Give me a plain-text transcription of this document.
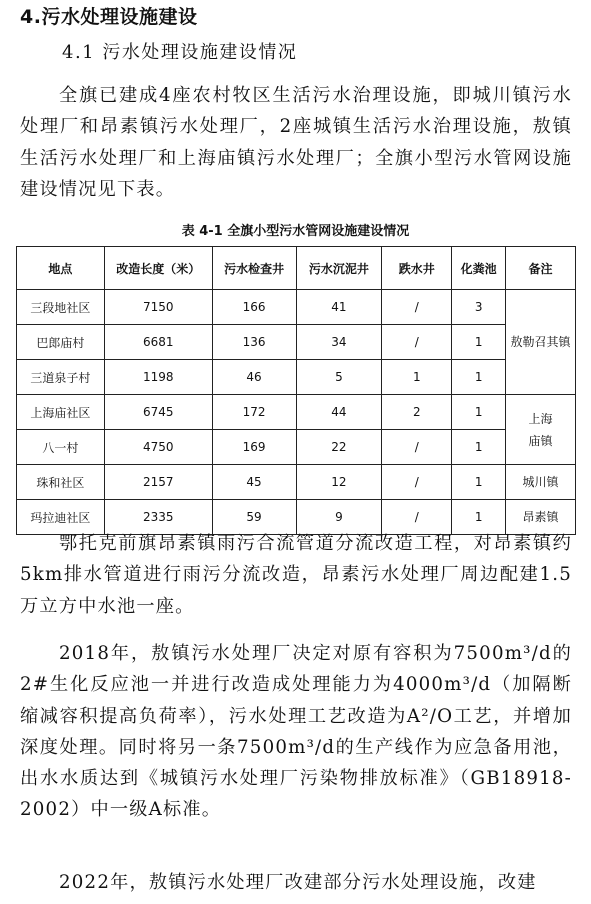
4.污水处理设施建设
4.1 污水处理设施建设情况

全旗已建成4座农村牧区生活污水治理设施，即城川镇污水处理厂和昂素镇污水处理厂，2座城镇生活污水治理设施，敖镇生活污水处理厂和上海庙镇污水处理厂；全旗小型污水管网设施建设情况见下表。

表 4-1 全旗小型污水管网设施建设情况
地点	改造长度（米）	污水检查井	污水沉泥井	跌水井	化粪池	备注
三段地社区	7150	166	41	/	3	敖勒召其镇
巴郎庙村	6681	136	34	/	1	
三道泉子村	1198	46	5	1	1	
上海庙社区	6745	172	44	2	1	上海
庙镇
八一村	4750	169	22	/	1	
珠和社区	2157	45	12	/	1	城川镇
玛拉迪社区	2335	59	9	/	1	昂素镇

鄂托克前旗昂素镇雨污合流管道分流改造工程，对昂素镇约5km排水管道进行雨污分流改造，昂素污水处理厂周边配建1.5万立方中水池一座。

2018年，敖镇污水处理厂决定对原有容积为7500m³/d的2#生化反应池一并进行改造成处理能力为4000m³/d（加隔断缩减容积提高负荷率），污水处理工艺改造为A²/O工艺，并增加深度处理。同时将另一条7500m³/d的生产线作为应急备用池，出水水质达到《城镇污水处理厂污染物排放标准》（GB18918-2002）中一级A标准。

2022年，敖镇污水处理厂改建部分污水处理设施，改建
